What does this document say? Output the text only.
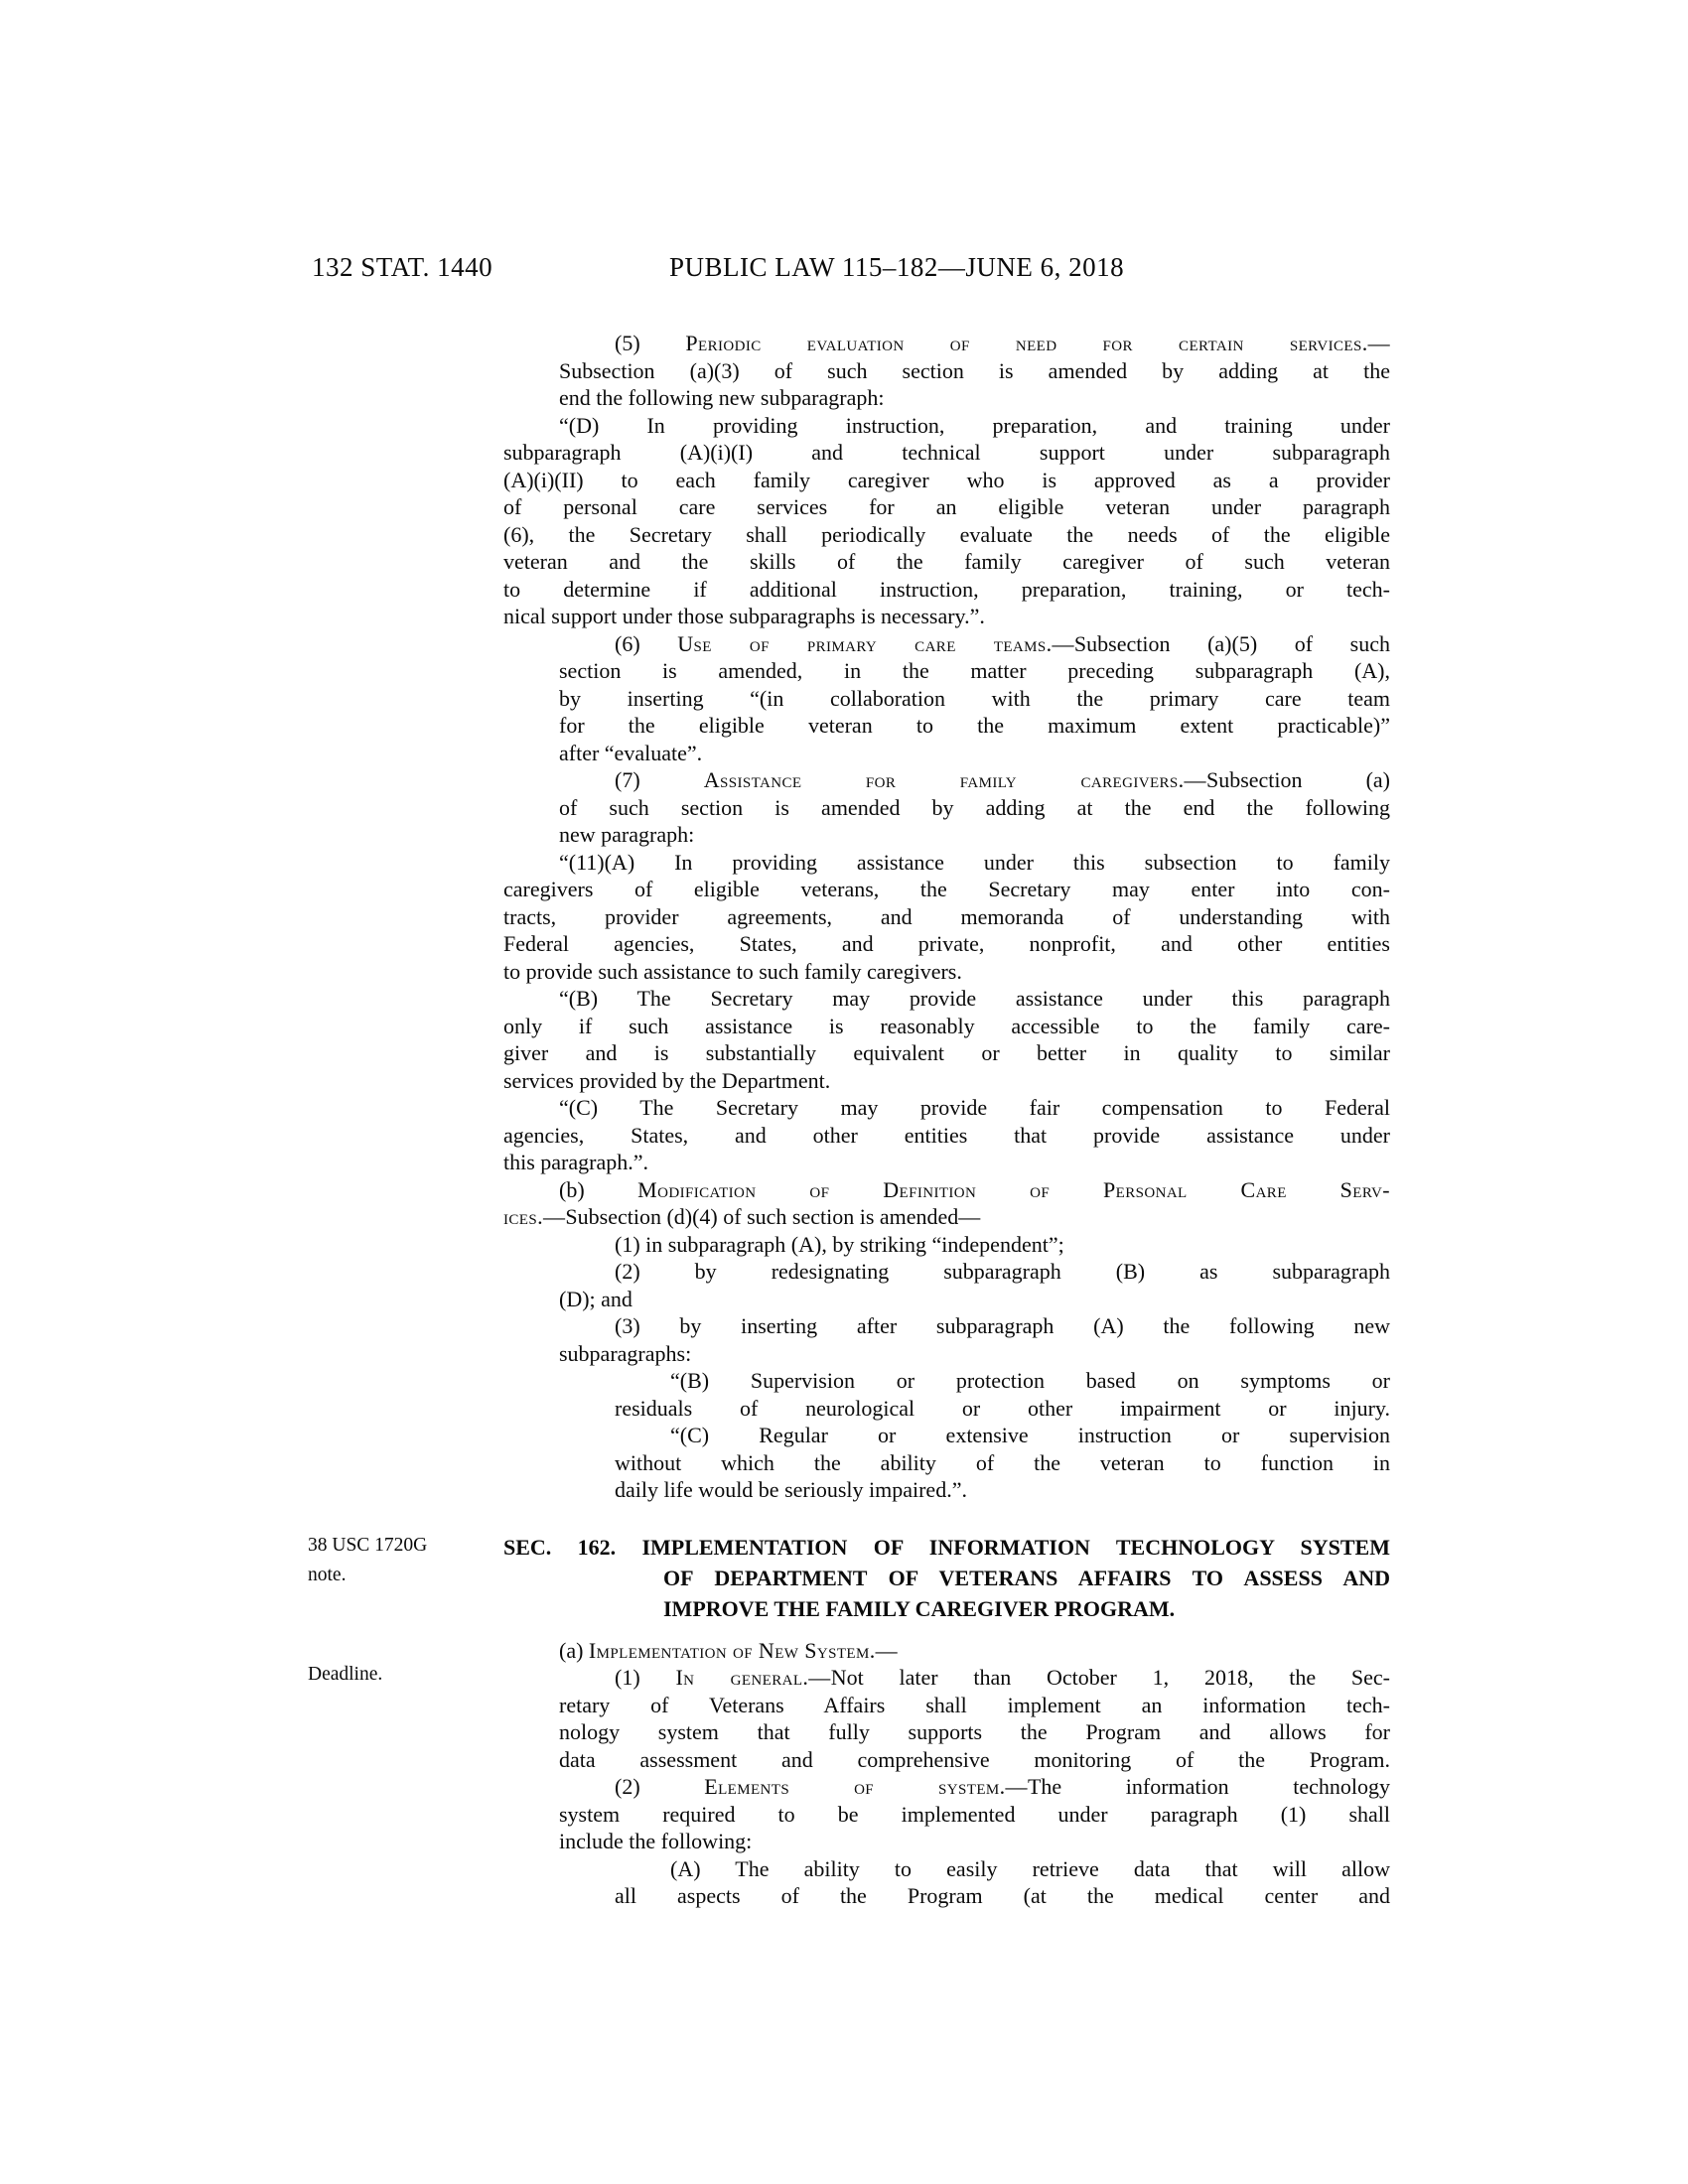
132 STAT. 1440	PUBLIC LAW 115–182—JUNE 6, 2018
38 USC 1720G
note.
Deadline.
(5) Periodic evaluation of need for certain services.—
Subsection (a)(3) of such section is amended by adding at the
end the following new subparagraph:
“(D) In providing instruction, preparation, and training under
subparagraph (A)(i)(I) and technical support under subparagraph
(A)(i)(II) to each family caregiver who is approved as a provider
of personal care services for an eligible veteran under paragraph
(6), the Secretary shall periodically evaluate the needs of the eligible
veteran and the skills of the family caregiver of such veteran
to determine if additional instruction, preparation, training, or tech-
nical support under those subparagraphs is necessary.”.
(6) Use of primary care teams.—Subsection (a)(5) of such
section is amended, in the matter preceding subparagraph (A),
by inserting “(in collaboration with the primary care team
for the eligible veteran to the maximum extent practicable)”
after “evaluate”.
(7) Assistance for family caregivers.—Subsection (a)
of such section is amended by adding at the end the following
new paragraph:
“(11)(A) In providing assistance under this subsection to family
caregivers of eligible veterans, the Secretary may enter into con-
tracts, provider agreements, and memoranda of understanding with
Federal agencies, States, and private, nonprofit, and other entities
to provide such assistance to such family caregivers.
“(B) The Secretary may provide assistance under this paragraph
only if such assistance is reasonably accessible to the family care-
giver and is substantially equivalent or better in quality to similar
services provided by the Department.
“(C) The Secretary may provide fair compensation to Federal
agencies, States, and other entities that provide assistance under
this paragraph.”.
(b) Modification of Definition of Personal Care Serv-
ices.—Subsection (d)(4) of such section is amended—
(1) in subparagraph (A), by striking “independent”;
(2) by redesignating subparagraph (B) as subparagraph
(D); and
(3) by inserting after subparagraph (A) the following new
subparagraphs:
“(B) Supervision or protection based on symptoms or
residuals of neurological or other impairment or injury.
“(C) Regular or extensive instruction or supervision
without which the ability of the veteran to function in
daily life would be seriously impaired.”.
SEC. 162. IMPLEMENTATION OF INFORMATION TECHNOLOGY SYSTEM
OF DEPARTMENT OF VETERANS AFFAIRS TO ASSESS AND
IMPROVE THE FAMILY CAREGIVER PROGRAM.
(a) Implementation of New System.—
(1) In general.—Not later than October 1, 2018, the Sec-
retary of Veterans Affairs shall implement an information tech-
nology system that fully supports the Program and allows for
data assessment and comprehensive monitoring of the Program.
(2) Elements of system.—The information technology
system required to be implemented under paragraph (1) shall
include the following:
(A) The ability to easily retrieve data that will allow
all aspects of the Program (at the medical center and
